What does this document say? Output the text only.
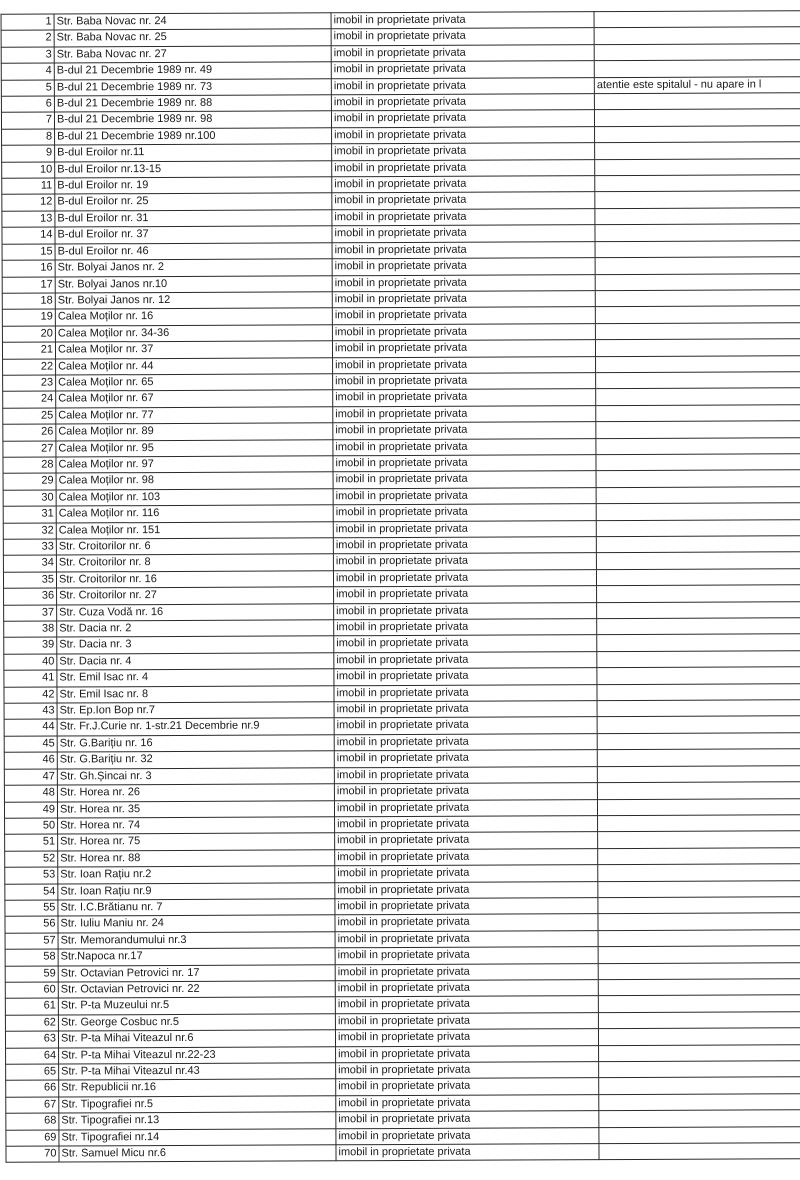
1	Str. Baba Novac nr. 24	imobil in proprietate privata	
2	Str. Baba Novac nr. 25	imobil in proprietate privata	
3	Str. Baba Novac nr. 27	imobil in proprietate privata	
4	B-dul 21 Decembrie 1989 nr. 49	imobil in proprietate privata	
5	B-dul 21 Decembrie 1989 nr. 73	imobil in proprietate privata	atentie este spitalul - nu apare in l
6	B-dul 21 Decembrie 1989 nr. 88	imobil in proprietate privata	
7	B-dul 21 Decembrie 1989 nr. 98	imobil in proprietate privata	
8	B-dul 21 Decembrie 1989 nr.100	imobil in proprietate privata	
9	B-dul Eroilor nr.11	imobil in proprietate privata	
10	B-dul Eroilor nr.13-15	imobil in proprietate privata	
11	B-dul Eroilor nr. 19	imobil in proprietate privata	
12	B-dul Eroilor nr. 25	imobil in proprietate privata	
13	B-dul Eroilor nr. 31	imobil in proprietate privata	
14	B-dul Eroilor nr. 37	imobil in proprietate privata	
15	B-dul Eroilor nr. 46	imobil in proprietate privata	
16	Str. Bolyai Janos nr. 2	imobil in proprietate privata	
17	Str. Bolyai Janos nr.10	imobil in proprietate privata	
18	Str. Bolyai Janos nr. 12	imobil in proprietate privata	
19	Calea Moților nr. 16	imobil in proprietate privata	
20	Calea Moților nr. 34-36	imobil in proprietate privata	
21	Calea Moților nr. 37	imobil in proprietate privata	
22	Calea Moților nr. 44	imobil in proprietate privata	
23	Calea Moților nr. 65	imobil in proprietate privata	
24	Calea Moților nr. 67	imobil in proprietate privata	
25	Calea Moților nr. 77	imobil in proprietate privata	
26	Calea Moților nr. 89	imobil in proprietate privata	
27	Calea Moților nr. 95	imobil in proprietate privata	
28	Calea Moților nr. 97	imobil in proprietate privata	
29	Calea Moților nr. 98	imobil in proprietate privata	
30	Calea Moților nr. 103	imobil in proprietate privata	
31	Calea Moților nr. 116	imobil in proprietate privata	
32	Calea Moților nr. 151	imobil in proprietate privata	
33	Str. Croitorilor nr. 6	imobil in proprietate privata	
34	Str. Croitorilor nr. 8	imobil in proprietate privata	
35	Str. Croitorilor nr. 16	imobil in proprietate privata	
36	Str. Croitorilor nr. 27	imobil in proprietate privata	
37	Str. Cuza Vodă nr. 16	imobil in proprietate privata	
38	Str. Dacia nr. 2	imobil in proprietate privata	
39	Str. Dacia nr. 3	imobil in proprietate privata	
40	Str. Dacia nr. 4	imobil in proprietate privata	
41	Str. Emil Isac nr. 4	imobil in proprietate privata	
42	Str. Emil Isac nr. 8	imobil in proprietate privata	
43	Str. Ep.Ion Bop nr.7	imobil in proprietate privata	
44	Str. Fr.J.Curie nr. 1-str.21 Decembrie nr.9	imobil in proprietate privata	
45	Str. G.Barițiu nr. 16	imobil in proprietate privata	
46	Str. G.Barițiu nr. 32	imobil in proprietate privata	
47	Str. Gh.Șincai nr. 3	imobil in proprietate privata	
48	Str. Horea nr. 26	imobil in proprietate privata	
49	Str. Horea nr. 35	imobil in proprietate privata	
50	Str. Horea nr. 74	imobil in proprietate privata	
51	Str. Horea nr. 75	imobil in proprietate privata	
52	Str. Horea nr. 88	imobil in proprietate privata	
53	Str. Ioan Rațiu nr.2	imobil in proprietate privata	
54	Str. Ioan Rațiu nr.9	imobil in proprietate privata	
55	Str. I.C.Brătianu nr. 7	imobil in proprietate privata	
56	Str. Iuliu Maniu nr. 24	imobil in proprietate privata	
57	Str. Memorandumului nr.3	imobil in proprietate privata	
58	Str.Napoca nr.17	imobil in proprietate privata	
59	Str. Octavian Petrovici nr. 17	imobil in proprietate privata	
60	Str. Octavian Petrovici nr. 22	imobil in proprietate privata	
61	Str. P-ta Muzeului nr.5	imobil in proprietate privata	
62	Str. George Cosbuc nr.5	imobil in proprietate privata	
63	Str. P-ta Mihai Viteazul nr.6	imobil in proprietate privata	
64	Str. P-ta Mihai Viteazul nr.22-23	imobil in proprietate privata	
65	Str. P-ta Mihai Viteazul nr.43	imobil in proprietate privata	
66	Str. Republicii nr.16	imobil in proprietate privata	
67	Str. Tipografiei nr.5	imobil in proprietate privata	
68	Str. Tipografiei nr.13	imobil in proprietate privata	
69	Str. Tipografiei nr.14	imobil in proprietate privata	
70	Str. Samuel Micu nr.6	imobil in proprietate privata	
